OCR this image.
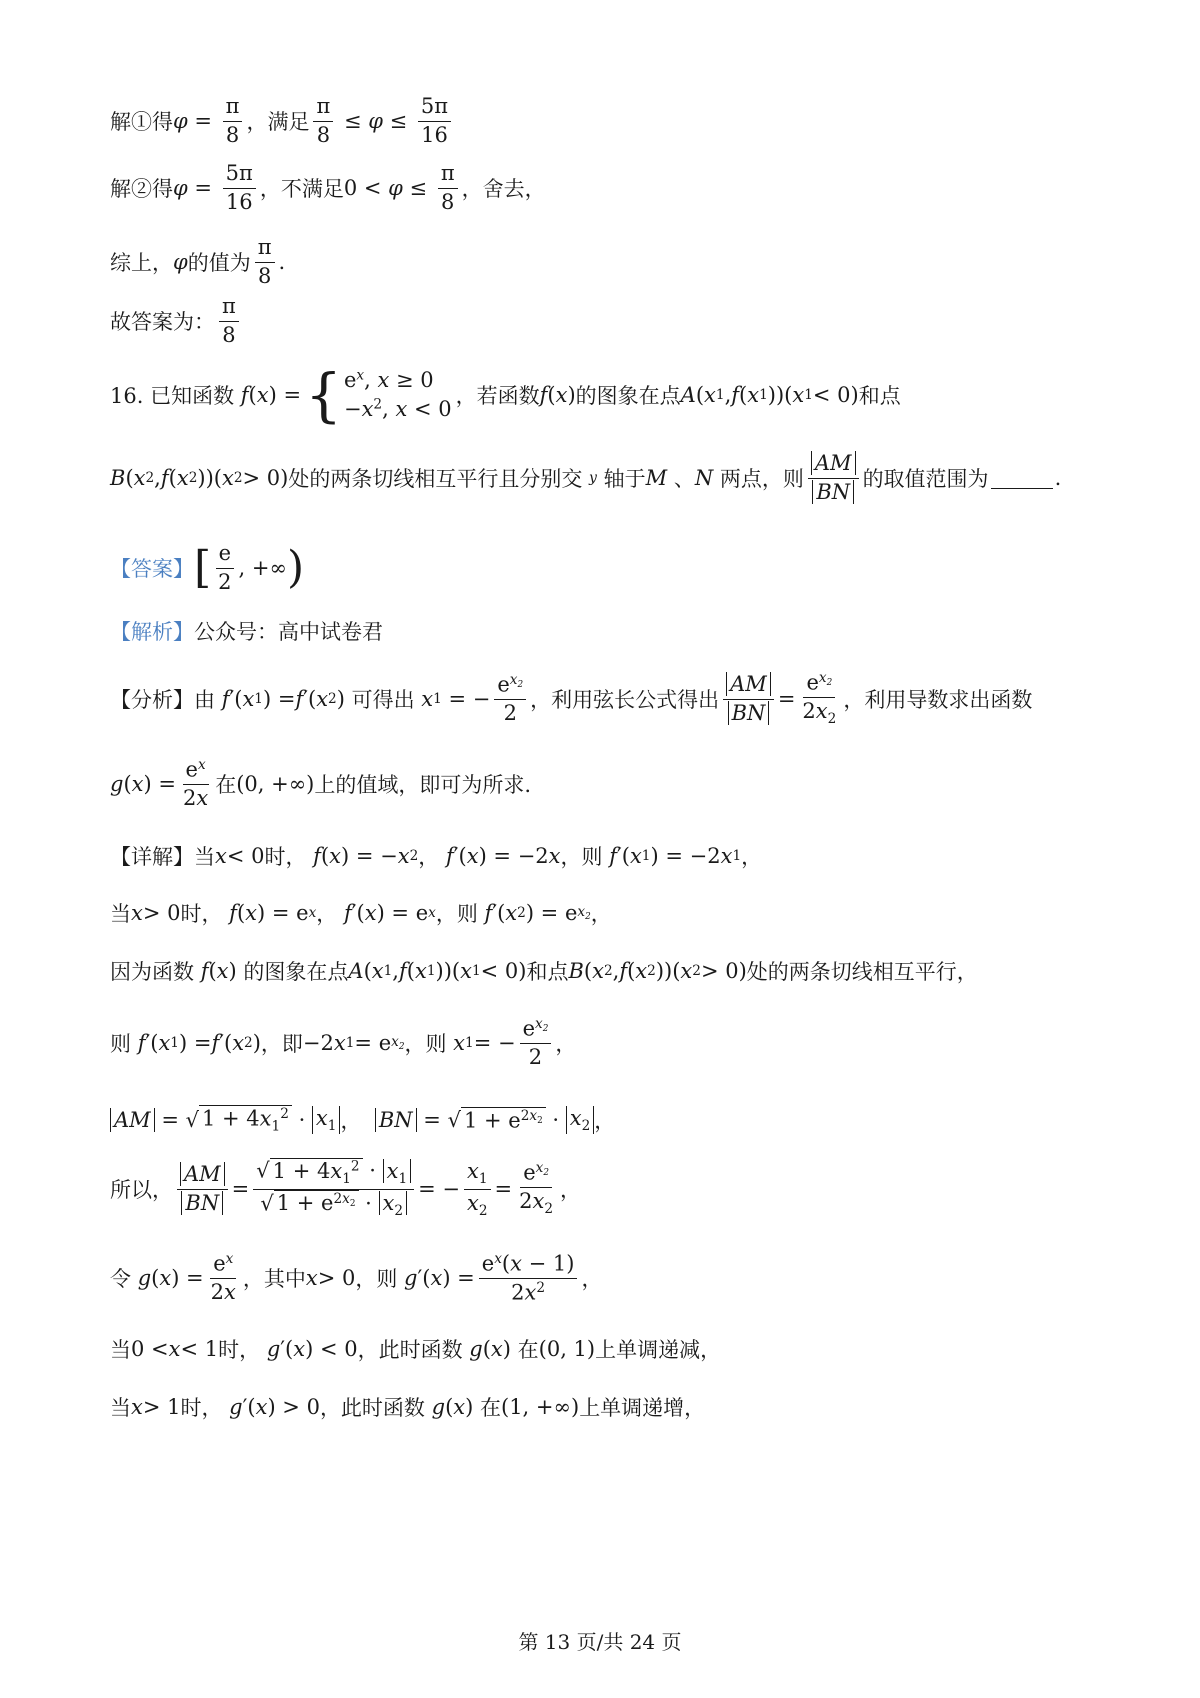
解①得 $\varphi = \frac{\pi}{8}$ ，满足 $\frac{\pi}{8} \le \varphi \le \frac{5\pi}{16}$
解②得 $\varphi = \frac{5\pi}{16}$ ，不满足 $0 < \varphi \le \frac{\pi}{8}$ ，舍去，
综上， φ 的值为 $\frac{\pi}{8}$ .
故答案为： $\frac{\pi}{8}$
16. 已知函数
f ( x ) = { $e^x$, x ≥ 0
$-x^2$, x < 0
，若函数 f ( x ) 的图象在点 A ( x 1 , f ( x 1 ))( x 1 < 0) 和点
B ( x 2 , f ( x 2 ))( x 2 > 0) 处的两条切线相互平行且分别交
y
轴于 M 、 N
两点，则 $\frac{AM}{BN}$ 的取值范围为	.
【答案】 [ $\frac{e}{2}$ , +∞ )
【解析】 公众号：高中试卷君
【分析】 由
f ′( x 1 ) = f ′( x 2 ) 可得出
x 1 = − $\frac{e^{x_2}}{2}$ ，利用弦长公式得出 $\frac{AM}{BN} = \frac{e^{x_2}}{2x_2}$ ，利用导数求出函数
g ( x ) = $\frac{e^x}{2x}$ 在 (0, +∞) 上的值域，即可为所求.
【详解】 当 x < 0 时，
f ( x ) = − x 2 ，
f ′( x ) = −2 x ，则
f ′( x 1 ) = −2 x 1 ，
当 x > 0 时，
f ( x ) = e x ，
f ′( x ) = e x ，则
f ′( x 2 ) = e $x_2$ ，
因为函数
f ( x ) 的图象在点 A ( x 1 , f ( x 1 ))( x 1 < 0) 和点 B ( x 2 , f ( x 2 ))( x 2 > 0) 处的两条切线相互平行，
则
f ′( x 1 ) = f ′( x 2 ) ，即 −2 x 1 = e $x_2$ ，则
x 1 = − $\frac{e^{x_2}}{2}$ ，
AM = √ $1 + 4x_1^2 \cdot x_1$ ， BN = √ $1 + e^{2x_2} \cdot x_2$ ，
所以， $\frac{AM}{BN} = \frac{√ 1 + 4x_1^2 \cdot x_1}{√ 1 + e^{2x_2} \cdot x_2}$ = − $\frac{x_1}{x_2} = \frac{e^{x_2}}{2x_2}$ ，
令
g ( x ) = $\frac{e^x}{2x}$ ，其中 x > 0 ，则
g ′( x ) = $\frac{e^x(x - 1)}{2x^2}$ ，
当 0 < x < 1 时，
g ′( x ) < 0 ，此时函数
g ( x ) 在 (0, 1) 上单调递减，
当 x > 1 时，
g ′( x ) > 0 ，此时函数
g ( x ) 在 (1, +∞) 上单调递增，
第 13 页/共 24 页
